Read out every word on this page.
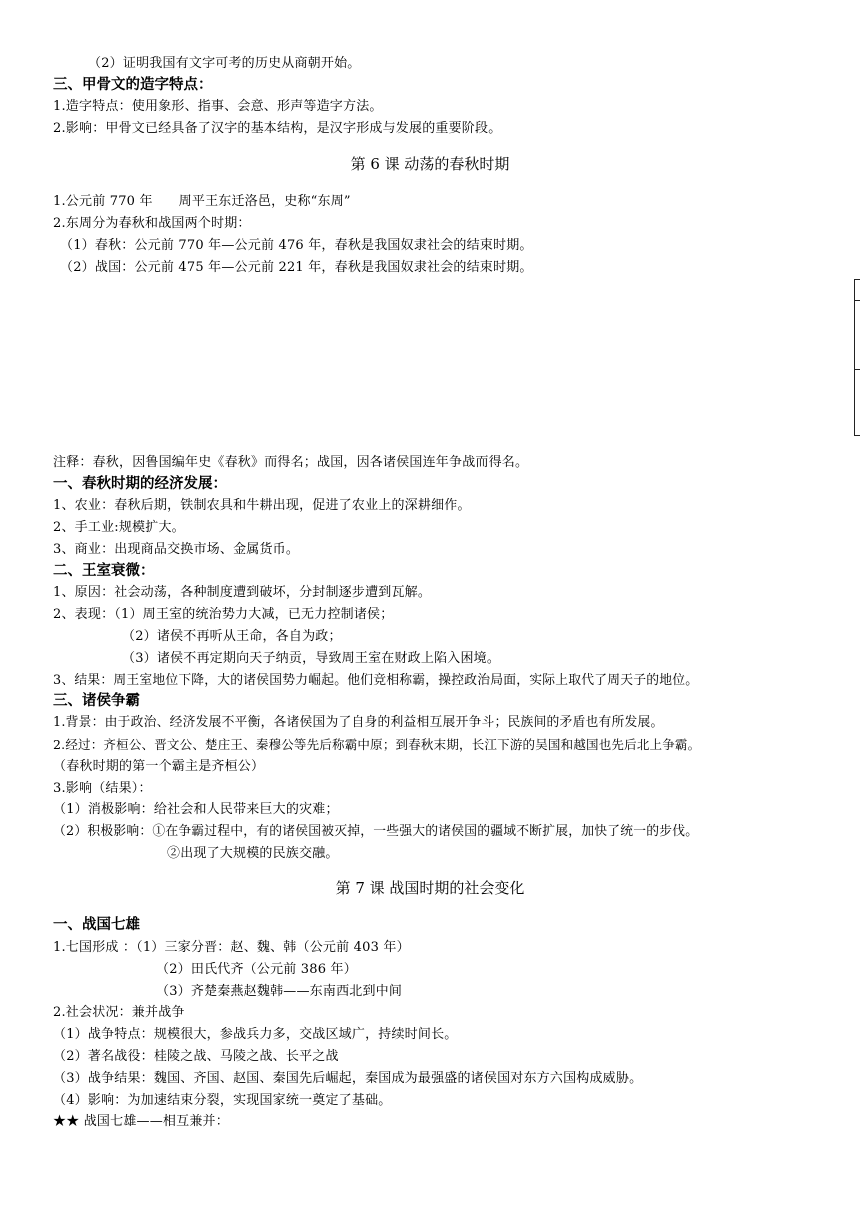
（2）证明我国有文字可考的历史从商朝开始。
三、甲骨文的造字特点：
1.造字特点：使用象形、指事、会意、形声等造字方法。
2.影响：甲骨文已经具备了汉字的基本结构，是汉字形成与发展的重要阶段。
第 6 课 动荡的春秋时期
1.公元前 770 年      周平王东迁洛邑，史称“东周”
2.东周分为春秋和战国两个时期：
（1）春秋：公元前 770 年—公元前 476 年，春秋是我国奴隶社会的结束时期。
（2）战国：公元前 475 年—公元前 221 年，春秋是我国奴隶社会的结束时期。
注释：春秋，因鲁国编年史《春秋》而得名；战国，因各诸侯国连年争战而得名。
一、春秋时期的经济发展：
1、农业：春秋后期，铁制农具和牛耕出现，促进了农业上的深耕细作。
2、手工业:规模扩大。
3、商业：出现商品交换市场、金属货币。
二、王室衰微：
1、原因：社会动荡，各种制度遭到破坏，分封制逐步遭到瓦解。
2、表现：（1）周王室的统治势力大减，已无力控制诸侯；
（2）诸侯不再听从王命，各自为政；
（3）诸侯不再定期向天子纳贡，导致周王室在财政上陷入困境。
3、结果：周王室地位下降，大的诸侯国势力崛起。他们竞相称霸，操控政治局面，实际上取代了周天子的地位。
三、诸侯争霸
1.背景：由于政治、经济发展不平衡，各诸侯国为了自身的利益相互展开争斗；民族间的矛盾也有所发展。
2.经过：齐桓公、晋文公、楚庄王、秦穆公等先后称霸中原；到春秋末期，长江下游的吴国和越国也先后北上争霸。
（春秋时期的第一个霸主是齐桓公）
3.影响（结果）：
（1）消极影响：给社会和人民带来巨大的灾难；
（2）积极影响：①在争霸过程中，有的诸侯国被灭掉，一些强大的诸侯国的疆域不断扩展，加快了统一的步伐。
②出现了大规模的民族交融。
第 7 课 战国时期的社会变化
一、战国七雄
1.七国形成 ：（1）三家分晋：赵、魏、韩（公元前 403 年）
（2）田氏代齐（公元前 386 年）
（3）齐楚秦燕赵魏韩——东南西北到中间
2.社会状况：兼并战争
（1）战争特点：规模很大，参战兵力多，交战区域广，持续时间长。
（2）著名战役：桂陵之战、马陵之战、长平之战
（3）战争结果：魏国、齐国、赵国、秦国先后崛起，秦国成为最强盛的诸侯国对东方六国构成威胁。
（4）影响：为加速结束分裂，实现国家统一奠定了基础。
★★ 战国七雄——相互兼并：
